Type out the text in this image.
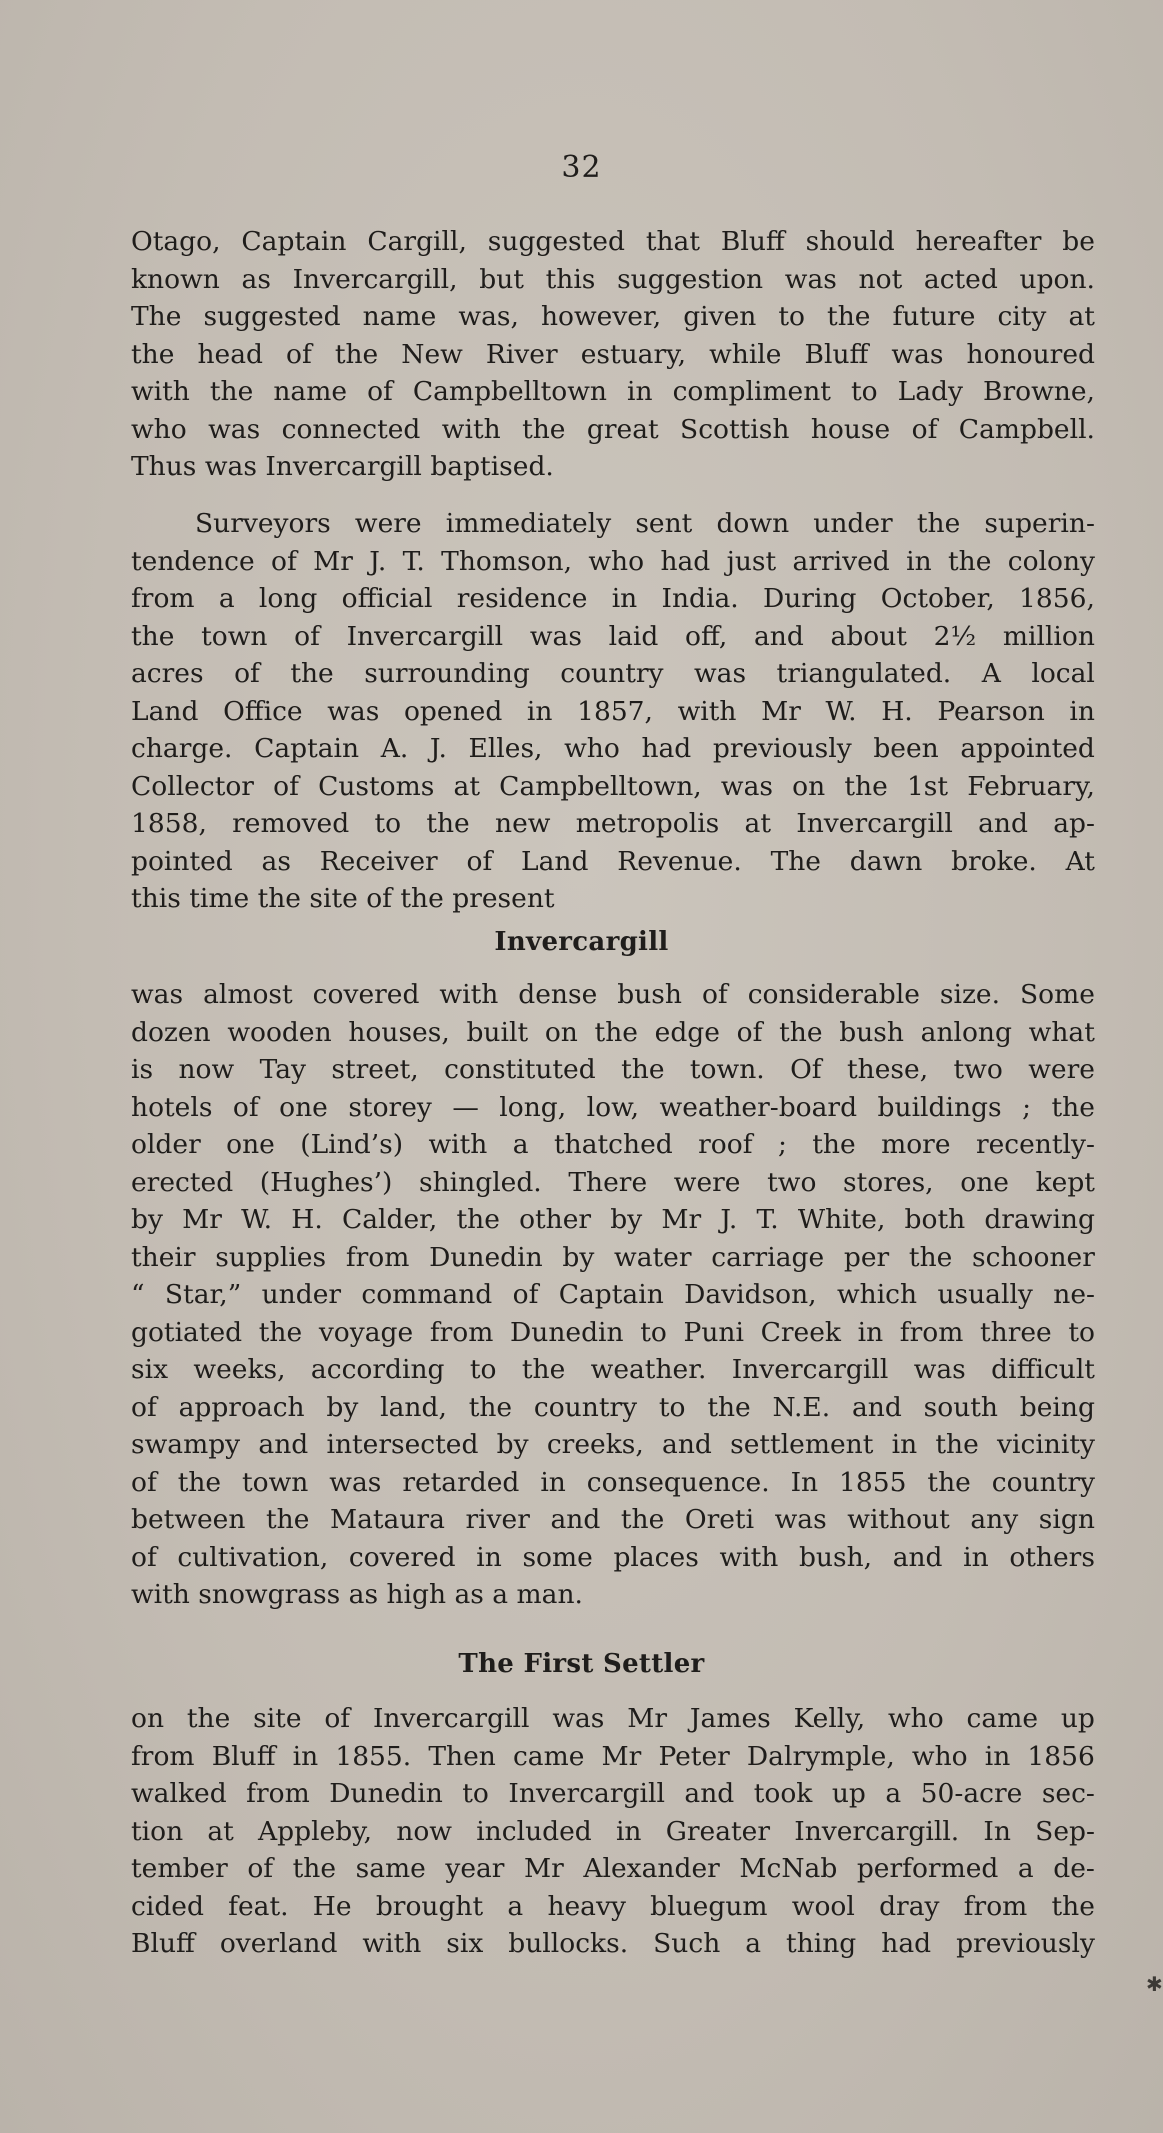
32
Otago, Captain Cargill, suggested that Bluff should hereafter be
known as Invercargill, but this suggestion was not acted upon.
The suggested name was, however, given to the future city at
the head of the New River estuary, while Bluff was honoured
with the name of Campbelltown in compliment to Lady Browne,
who was connected with the great Scottish house of Campbell.
Thus was Invercargill baptised.
Surveyors were immediately sent down under the superin-
tendence of Mr J. T. Thomson, who had just arrived in the colony
from a long official residence in India. During October, 1856,
the town of Invercargill was laid off, and about 2½ million
acres of the surrounding country was triangulated. A local
Land Office was opened in 1857, with Mr W. H. Pearson in
charge. Captain A. J. Elles, who had previously been appointed
Collector of Customs at Campbelltown, was on the 1st February,
1858, removed to the new metropolis at Invercargill and ap-
pointed as Receiver of Land Revenue. The dawn broke. At
this time the site of the present
Invercargill
was almost covered with dense bush of considerable size. Some
dozen wooden houses, built on the edge of the bush anlong what
is now Tay street, constituted the town. Of these, two were
hotels of one storey — long, low, weather-board buildings ; the
older one (Lind’s) with a thatched roof ; the more recently-
erected (Hughes’) shingled. There were two stores, one kept
by Mr W. H. Calder, the other by Mr J. T. White, both drawing
their supplies from Dunedin by water carriage per the schooner
“ Star,” under command of Captain Davidson, which usually ne-
gotiated the voyage from Dunedin to Puni Creek in from three to
six weeks, according to the weather. Invercargill was difficult
of approach by land, the country to the N.E. and south being
swampy and intersected by creeks, and settlement in the vicinity
of the town was retarded in consequence. In 1855 the country
between the Mataura river and the Oreti was without any sign
of cultivation, covered in some places with bush, and in others
with snowgrass as high as a man.
The First Settler
on the site of Invercargill was Mr James Kelly, who came up
from Bluff in 1855. Then came Mr Peter Dalrymple, who in 1856
walked from Dunedin to Invercargill and took up a 50-acre sec-
tion at Appleby, now included in Greater Invercargill. In Sep-
tember of the same year Mr Alexander McNab performed a de-
cided feat. He brought a heavy bluegum wool dray from the
Bluff overland with six bullocks. Such a thing had previously
✱
